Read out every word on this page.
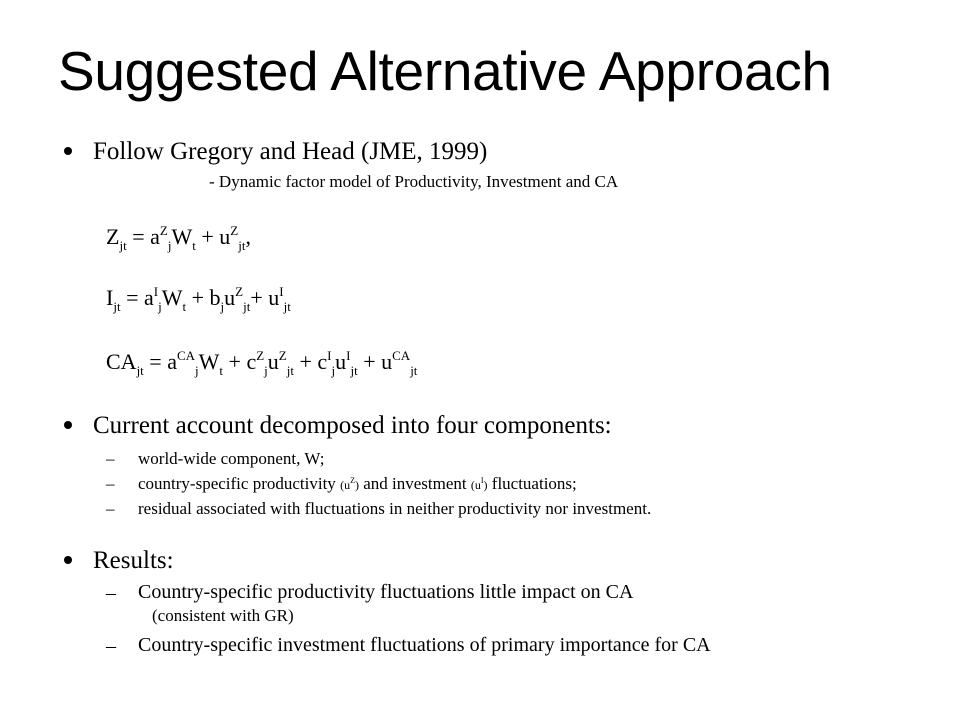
Suggested Alternative Approach
Follow Gregory and Head (JME, 1999)
- Dynamic factor model of Productivity, Investment and CA
$Z_{jt} = a^Z_jW_t + u^Z_{jt}$,
$I_{jt} = a^I_jW_t + b_ju^Z_{jt}+ u^I_{jt}$
$CA_{jt} = a^{CA}_jW_t + c^Z_ju^Z_{jt} + c^I_ju^I_{jt} + u^{CA}_{jt}$
Current account decomposed into four components:
– world-wide component, W;
– country-specific productivity $(u^Z)$ and investment $(u^I)$ fluctuations;
– residual associated with fluctuations in neither productivity nor investment.
Results:
– Country-specific productivity fluctuations little impact on CA
(consistent with GR)
– Country-specific investment fluctuations of primary importance for CA
